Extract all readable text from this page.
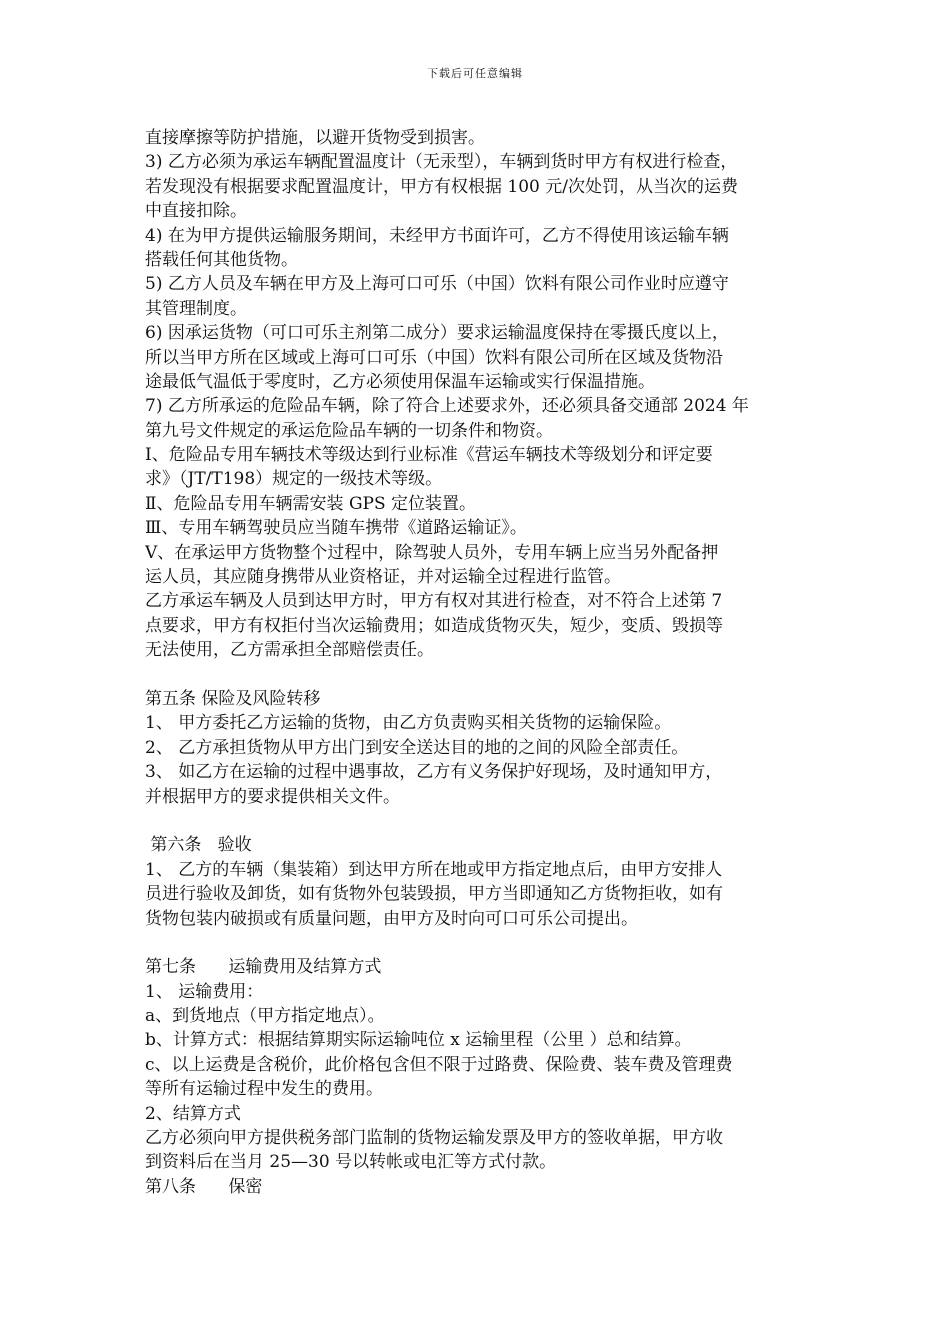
下载后可任意编辑
直接摩擦等防护措施，以避开货物受到损害。
3) 乙方必须为承运车辆配置温度计（无汞型），车辆到货时甲方有权进行检查，
若发现没有根据要求配置温度计，甲方有权根据 100 元/次处罚，从当次的运费
中直接扣除。
4) 在为甲方提供运输服务期间，未经甲方书面许可，乙方不得使用该运输车辆
搭载任何其他货物。
5) 乙方人员及车辆在甲方及上海可口可乐（中国）饮料有限公司作业时应遵守
其管理制度。
6) 因承运货物（可口可乐主剂第二成分）要求运输温度保持在零摄氏度以上，
所以当甲方所在区域或上海可口可乐（中国）饮料有限公司所在区域及货物沿
途最低气温低于零度时，乙方必须使用保温车运输或实行保温措施。
7) 乙方所承运的危险品车辆，除了符合上述要求外，还必须具备交通部 2024 年
第九号文件规定的承运危险品车辆的一切条件和物资。
Ⅰ、危险品专用车辆技术等级达到行业标准《营运车辆技术等级划分和评定要
求》（JT/T198）规定的一级技术等级。
Ⅱ、危险品专用车辆需安装 GPS 定位装置。
Ⅲ、专用车辆驾驶员应当随车携带《道路运输证》。
Ⅴ、在承运甲方货物整个过程中，除驾驶人员外，专用车辆上应当另外配备押
运人员，其应随身携带从业资格证，并对运输全过程进行监管。
乙方承运车辆及人员到达甲方时，甲方有权对其进行检查，对不符合上述第 7
点要求，甲方有权拒付当次运输费用；如造成货物灭失，短少，变质、毁损等
无法使用，乙方需承担全部赔偿责任。
第五条 保险及风险转移
1、 甲方委托乙方运输的货物，由乙方负责购买相关货物的运输保险。
2、 乙方承担货物从甲方出门到安全送达目的地的之间的风险全部责任。
3、 如乙方在运输的过程中遇事故，乙方有义务保护好现场，及时通知甲方，
并根据甲方的要求提供相关文件。
第六条   验收
1、 乙方的车辆（集装箱）到达甲方所在地或甲方指定地点后，由甲方安排人
员进行验收及卸货，如有货物外包装毁损，甲方当即通知乙方货物拒收，如有
货物包装内破损或有质量问题，由甲方及时向可口可乐公司提出。
第七条      运输费用及结算方式
1、 运输费用：
a、到货地点（甲方指定地点）。
b、计算方式：根据结算期实际运输吨位 x 运输里程（公里 ）总和结算。
c、以上运费是含税价，此价格包含但不限于过路费、保险费、装车费及管理费
等所有运输过程中发生的费用。
2、结算方式
乙方必须向甲方提供税务部门监制的货物运输发票及甲方的签收单据，甲方收
到资料后在当月 25—30 号以转帐或电汇等方式付款。
第八条      保密
